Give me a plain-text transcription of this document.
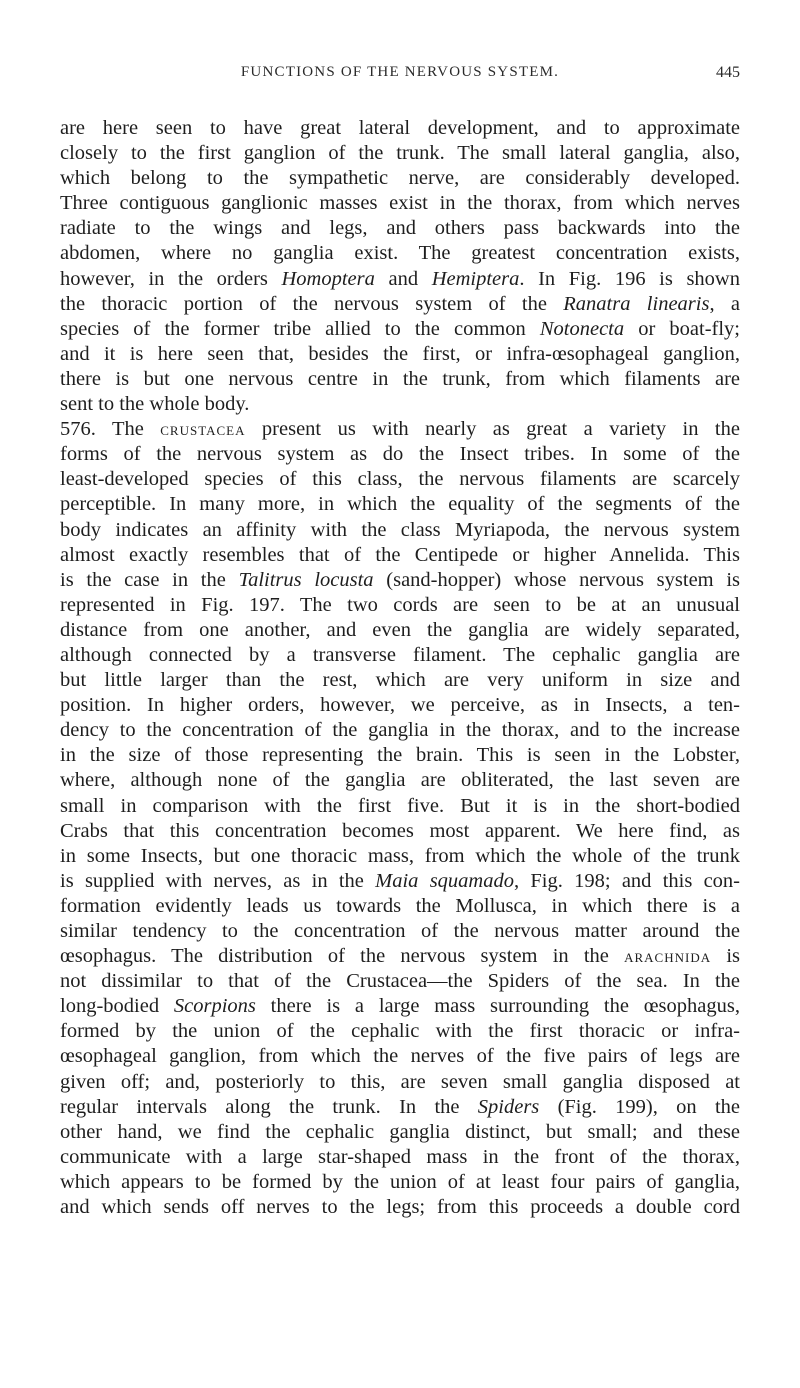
FUNCTIONS OF THE NERVOUS SYSTEM.	445
are here seen to have great lateral development, and to approximate
closely to the first ganglion of the trunk. The small lateral ganglia, also,
which belong to the sympathetic nerve, are considerably developed.
Three contiguous ganglionic masses exist in the thorax, from which nerves
radiate to the wings and legs, and others pass backwards into the
abdomen, where no ganglia exist. The greatest concentration exists,
however, in the orders Homoptera and Hemiptera. In Fig. 196 is shown
the thoracic portion of the nervous system of the Ranatra linearis, a
species of the former tribe allied to the common Notonecta or boat-fly;
and it is here seen that, besides the first, or infra-œsophageal ganglion,
there is but one nervous centre in the trunk, from which filaments are
sent to the whole body.
576. The crustacea present us with nearly as great a variety in the
forms of the nervous system as do the Insect tribes. In some of the
least-developed species of this class, the nervous filaments are scarcely
perceptible. In many more, in which the equality of the segments of the
body indicates an affinity with the class Myriapoda, the nervous system
almost exactly resembles that of the Centipede or higher Annelida. This
is the case in the Talitrus locusta (sand-hopper) whose nervous system is
represented in Fig. 197. The two cords are seen to be at an unusual
distance from one another, and even the ganglia are widely separated,
although connected by a transverse filament. The cephalic ganglia are
but little larger than the rest, which are very uniform in size and
position. In higher orders, however, we perceive, as in Insects, a ten-
dency to the concentration of the ganglia in the thorax, and to the increase
in the size of those representing the brain. This is seen in the Lobster,
where, although none of the ganglia are obliterated, the last seven are
small in comparison with the first five. But it is in the short-bodied
Crabs that this concentration becomes most apparent. We here find, as
in some Insects, but one thoracic mass, from which the whole of the trunk
is supplied with nerves, as in the Maia squamado, Fig. 198; and this con-
formation evidently leads us towards the Mollusca, in which there is a
similar tendency to the concentration of the nervous matter around the
œsophagus. The distribution of the nervous system in the arachnida is
not dissimilar to that of the Crustacea—the Spiders of the sea. In the
long-bodied Scorpions there is a large mass surrounding the œsophagus,
formed by the union of the cephalic with the first thoracic or infra-
œsophageal ganglion, from which the nerves of the five pairs of legs are
given off; and, posteriorly to this, are seven small ganglia disposed at
regular intervals along the trunk. In the Spiders (Fig. 199), on the
other hand, we find the cephalic ganglia distinct, but small; and these
communicate with a large star-shaped mass in the front of the thorax,
which appears to be formed by the union of at least four pairs of ganglia,
and which sends off nerves to the legs; from this proceeds a double cord
